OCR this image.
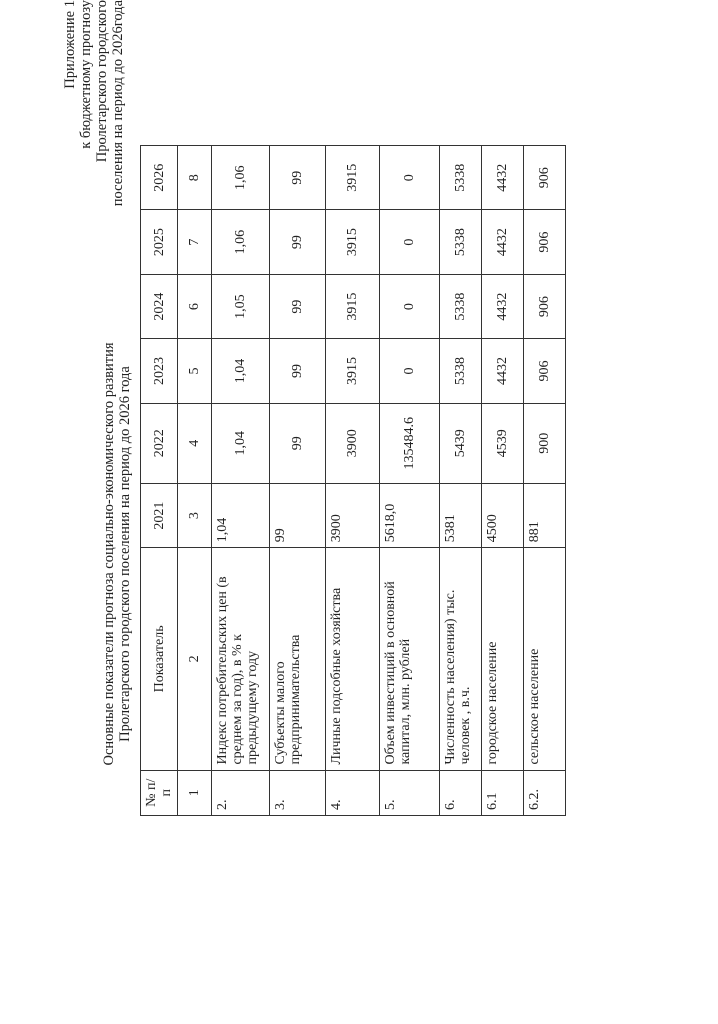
Приложение 1 к бюджетному прогнозу Пролетарского городского поселения на период до 2026года
Основные показатели прогноза социально-экономического развития Пролетарского городского поселения на период до 2026 года
№ п/п	Показатель	2021	2022	2023	2024	2025	2026
1	2	3	4	5	6	7	8
2.	Индекс потребительских цен (в среднем за год), в % к предыдущему году	1,04	1,04	1,04	1,05	1,06	1,06
3.	Субъекты малого предпринимательства	99	99	99	99	99	99
4.	Личные подсобные хозяйства	3900	3900	3915	3915	3915	3915
5.	Объем инвестиций в основной капитал, млн. рублей	5618,0	135484.6	0	0	0	0
6.	Численность населения) тыс. человек , в.ч.	5381	5439	5338	5338	5338	5338
6.1	городское население	4500	4539	4432	4432	4432	4432
6.2.	сельское население	881	900	906	906	906	906
